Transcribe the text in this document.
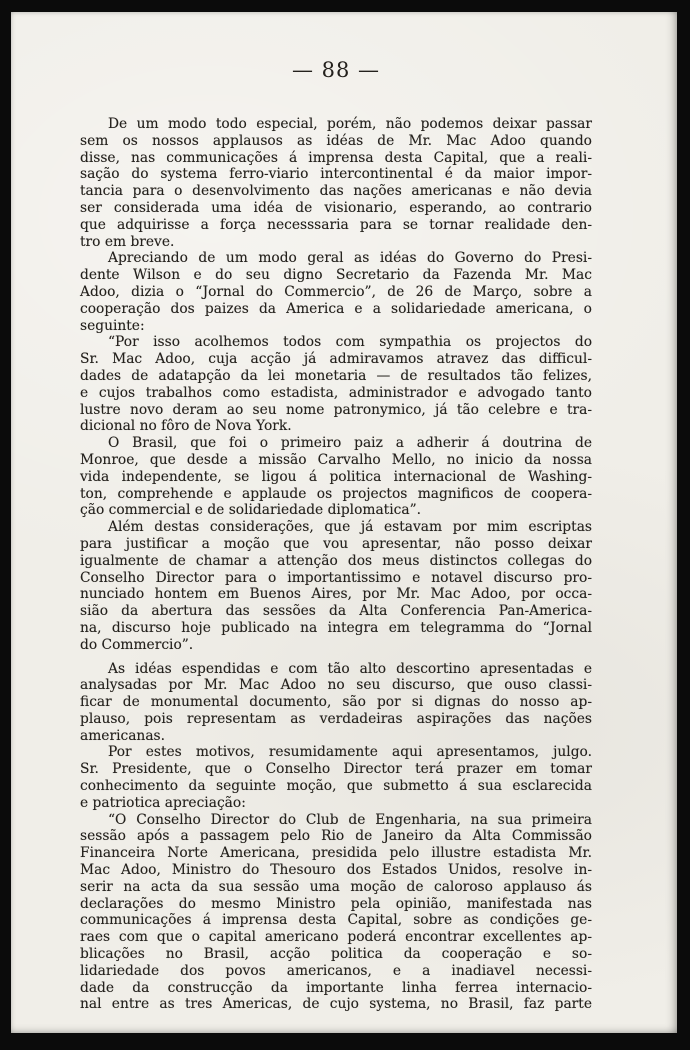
— 88 —
De um modo todo especial, porém, não podemos deixar passar
sem os nossos applausos as idéas de Mr. Mac Adoo quando
disse, nas communicações á imprensa desta Capital, que a reali-
sação do systema ferro-viario intercontinental é da maior impor-
tancia para o desenvolvimento das nações americanas e não devia
ser considerada uma idéa de visionario, esperando, ao contrario
que adquirisse a força necesssaria para se tornar realidade den-
tro em breve.
Apreciando de um modo geral as idéas do Governo do Presi-
dente Wilson e do seu digno Secretario da Fazenda Mr. Mac
Adoo, dizia o “Jornal do Commercio”, de 26 de Março, sobre a
cooperação dos paizes da America e a solidariedade americana, o
seguinte:
“Por isso acolhemos todos com sympathia os projectos do
Sr. Mac Adoo, cuja acção já admiravamos atravez das difficul-
dades de adatapção da lei monetaria — de resultados tão felizes,
e cujos trabalhos como estadista, administrador e advogado tanto
lustre novo deram ao seu nome patronymico, já tão celebre e tra-
dicional no fôro de Nova York.
O Brasil, que foi o primeiro paiz a adherir á doutrina de
Monroe, que desde a missão Carvalho Mello, no inicio da nossa
vida independente, se ligou á politica internacional de Washing-
ton, comprehende e applaude os projectos magnificos de coopera-
ção commercial e de solidariedade diplomatica”.
Além destas considerações, que já estavam por mim escriptas
para justificar a moção que vou apresentar, não posso deixar
igualmente de chamar a attenção dos meus distinctos collegas do
Conselho Director para o importantissimo e notavel discurso pro-
nunciado hontem em Buenos Aires, por Mr. Mac Adoo, por occa-
sião da abertura das sessões da Alta Conferencia Pan-America-
na, discurso hoje publicado na integra em telegramma do “Jornal
do Commercio”.
As idéas espendidas e com tão alto descortino apresentadas e
analysadas por Mr. Mac Adoo no seu discurso, que ouso classi-
ficar de monumental documento, são por si dignas do nosso ap-
plauso, pois representam as verdadeiras aspirações das nações
americanas.
Por estes motivos, resumidamente aqui apresentamos, julgo.
Sr. Presidente, que o Conselho Director terá prazer em tomar
conhecimento da seguinte moção, que submetto á sua esclarecida
e patriotica apreciação:
“O Conselho Director do Club de Engenharia, na sua primeira
sessão após a passagem pelo Rio de Janeiro da Alta Commissão
Financeira Norte Americana, presidida pelo illustre estadista Mr.
Mac Adoo, Ministro do Thesouro dos Estados Unidos, resolve in-
serir na acta da sua sessão uma moção de caloroso applauso ás
declarações do mesmo Ministro pela opinião, manifestada nas
communicações á imprensa desta Capital, sobre as condições ge-
raes com que o capital americano poderá encontrar excellentes ap-
blicações no Brasil, acção politica da cooperação e so-
lidariedade dos povos americanos, e a inadiavel necessi-
dade da construcção da importante linha ferrea internacio-
nal entre as tres Americas, de cujo systema, no Brasil, faz parte
